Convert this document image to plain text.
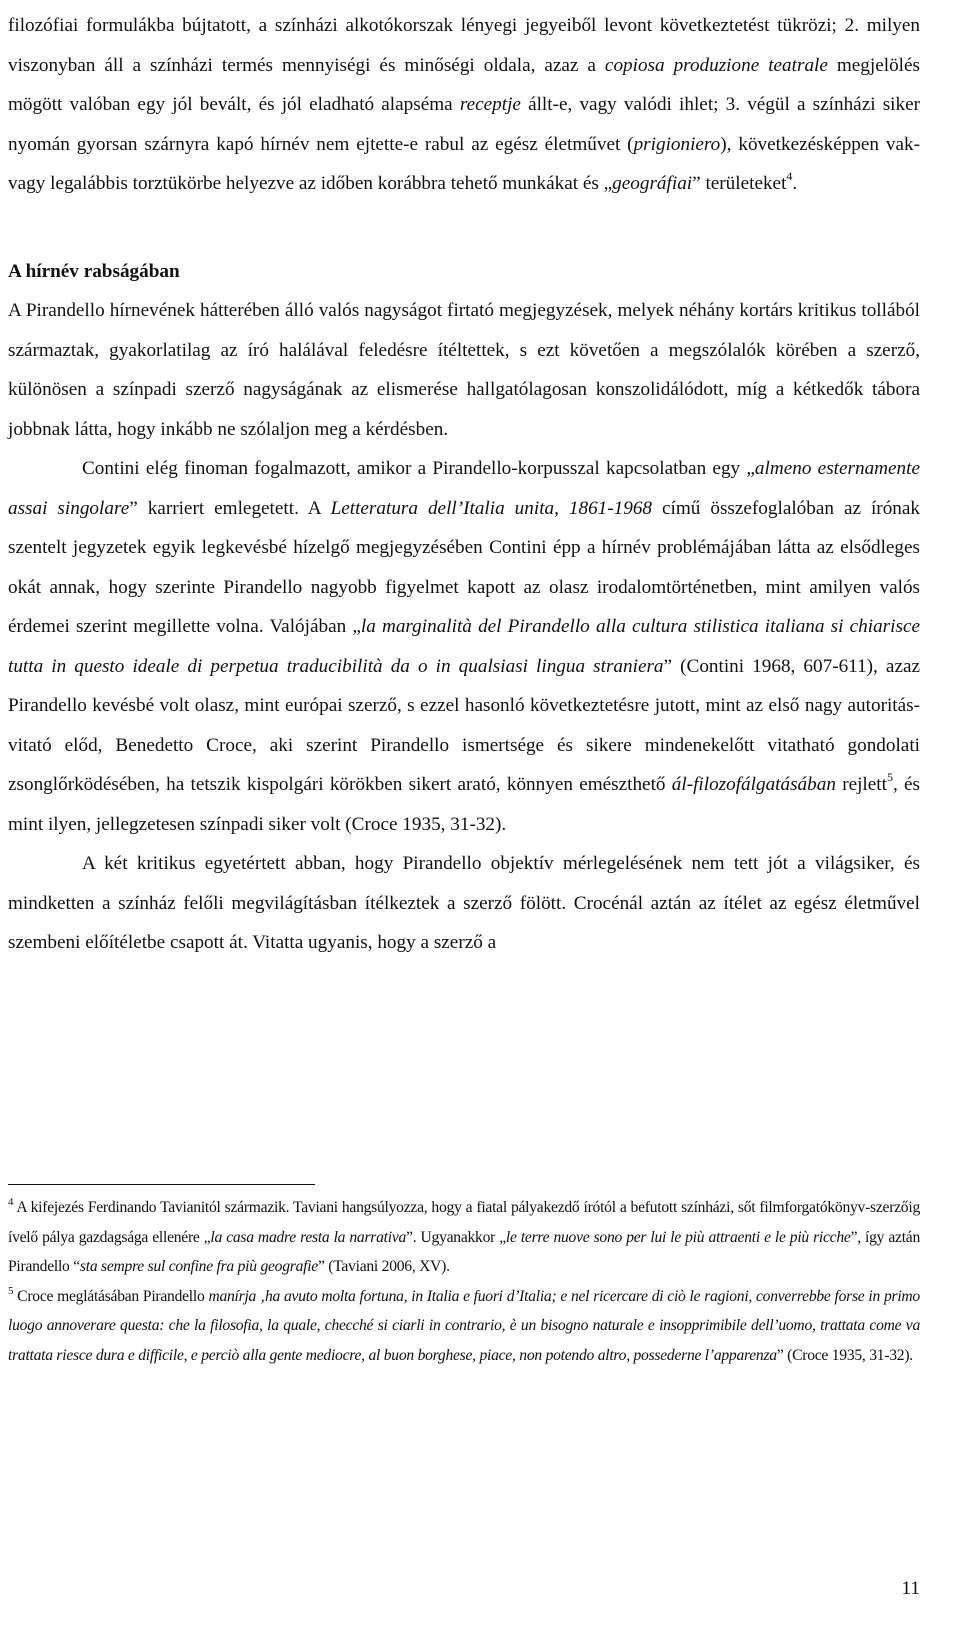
filozófiai formulákba bújtatott, a színházi alkotókorszak lényegi jegyeiből levont következtetést tükrözi; 2. milyen viszonyban áll a színházi termés mennyiségi és minőségi oldala, azaz a copiosa produzione teatrale megjelölés mögött valóban egy jól bevált, és jól eladható alapséma receptje állt-e, vagy valódi ihlet; 3. végül a színházi siker nyomán gyorsan szárnyra kapó hírnév nem ejtette-e rabul az egész életművet (prigioniero), következésképpen vak- vagy legalábbis torztükörbe helyezve az időben korábbra tehető munkákat és „geográfiai” területeket$^4$.

A hírnév rabságában

A Pirandello hírnevének hátterében álló valós nagyságot firtató megjegyzések, melyek néhány kortárs kritikus tollából származtak, gyakorlatilag az író halálával feledésre ítéltettek, s ezt követően a megszólalók körében a szerző, különösen a színpadi szerző nagyságának az elismerése hallgatólagosan konszolidálódott, míg a kétkedők tábora jobbnak látta, hogy inkább ne szólaljon meg a kérdésben.

Contini elég finoman fogalmazott, amikor a Pirandello-korpusszal kapcsolatban egy „almeno esternamente assai singolare” karriert emlegetett. A Letteratura dell’Italia unita, 1861-1968 című összefoglalóban az írónak szentelt jegyzetek egyik legkevésbé hízelgő megjegyzésében Contini épp a hírnév problémájában látta az elsődleges okát annak, hogy szerinte Pirandello nagyobb figyelmet kapott az olasz irodalomtörténetben, mint amilyen valós érdemei szerint megillette volna. Valójában „la marginalità del Pirandello alla cultura stilistica italiana si chiarisce tutta in questo ideale di perpetua traducibilità da o in qualsiasi lingua straniera” (Contini 1968, 607-611), azaz Pirandello kevésbé volt olasz, mint európai szerző, s ezzel hasonló következtetésre jutott, mint az első nagy autoritás-vitató előd, Benedetto Croce, aki szerint Pirandello ismertsége és sikere mindenekelőtt vitatható gondolati zsonglőrködésében, ha tetszik kispolgári körökben sikert arató, könnyen emészthető ál-filozofálgatásában rejlett$^5$, és mint ilyen, jellegzetesen színpadi siker volt (Croce 1935, 31-32).

A két kritikus egyetértett abban, hogy Pirandello objektív mérlegelésének nem tett jót a világsiker, és mindketten a színház felőli megvilágításban ítélkeztek a szerző fölött. Crocénál aztán az ítélet az egész életművel szembeni előítéletbe csapott át. Vitatta ugyanis, hogy a szerző a

$^4$ A kifejezés Ferdinando Tavianitól származik. Taviani hangsúlyozza, hogy a fiatal pályakezdő írótól a befutott színházi, sőt filmforgatókönyv-szerzőig ívelő pálya gazdagsága ellenére „la casa madre resta la narrativa”. Ugyanakkor „le terre nuove sono per lui le più attraenti e le più ricche”, így aztán Pirandello “sta sempre sul confine fra più geografie” (Taviani 2006, XV).

$^5$ Croce meglátásában Pirandello manírja ‚ha avuto molta fortuna, in Italia e fuori d’Italia; e nel ricercare di ciò le ragioni, converrebbe forse in primo luogo annoverare questa: che la filosofia, la quale, checché si ciarli in contrario, è un bisogno naturale e insopprimibile dell’uomo, trattata come va trattata riesce dura e difficile, e perciò alla gente mediocre, al buon borghese, piace, non potendo altro, possederne l’apparenza” (Croce 1935, 31-32).

11
